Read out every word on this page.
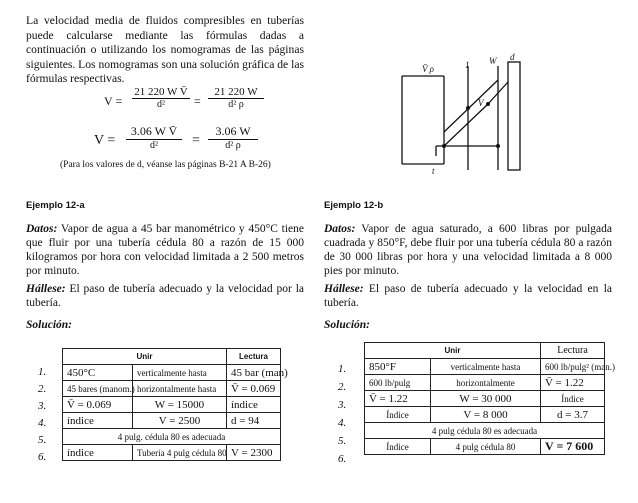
La velocidad media de fluidos compresibles en tuberías puede calcularse mediante las fórmulas dadas a continuación o utilizando los nomogramas de las páginas siguientes. Los nomogramas son una solución gráfica de las fórmulas respectivas.
$V = \frac{\text{21 220 W V̄}}{\text{d²}} = \frac{21 220 W}{\text{d² ρ}}$
V =
3.06 W V̄
d²	=
3.06 W
d² ρ
(Para los valores de d, véanse las páginas B-21 A B-26)
V̄ ρ	1 W d
V
t
Ejemplo 12-a
Datos: Vapor de agua a 45 bar manométrico y 450°C tiene que fluir por una tubería cédula 80 a razón de 15 000 kilogramos por hora con velocidad limitada a 2 500 metros por minuto.
Hállese: El paso de tubería adecuado y la velocidad por la tubería.
Solución:
1.
2.
3.
4.
5.
6.
Unir		Lectura
450°C	verticalmente hasta	45 bar (man)
45 bares (manom.)	horizontalmente hasta	V̄ = 0.069
V̄ = 0.069	W = 15000	índice
índice	V = 2500	d = 94
4 pulg. cédula 80 es adecuada		
índice	Tubería 4 pulg cédula 80	V = 2300
Ejemplo 12-b
Datos: Vapor de agua saturado, a 600 libras por pulgada cuadrada y 850°F, debe fluir por una tubería cédula 80 a razón de 30 000 libras por hora y una velocidad limitada a 8 000 pies por minuto.
Hállese: El paso de tubería adecuado y la velocidad en la tubería.
Solución:
1.
2.
3.
4.
5.
6.
Unir		Lectura
850°F	verticalmente hasta	600 lb/pulg² (man.)
600 lb/pulg	horizontalmente	V̄ = 1.22
V̄ = 1.22	W = 30 000	Índice
Índice	V = 8 000	d = 3.7
4 pulg cédula 80 es adecuada		
Índice	4 pulg cédula 80	V = 7 600
